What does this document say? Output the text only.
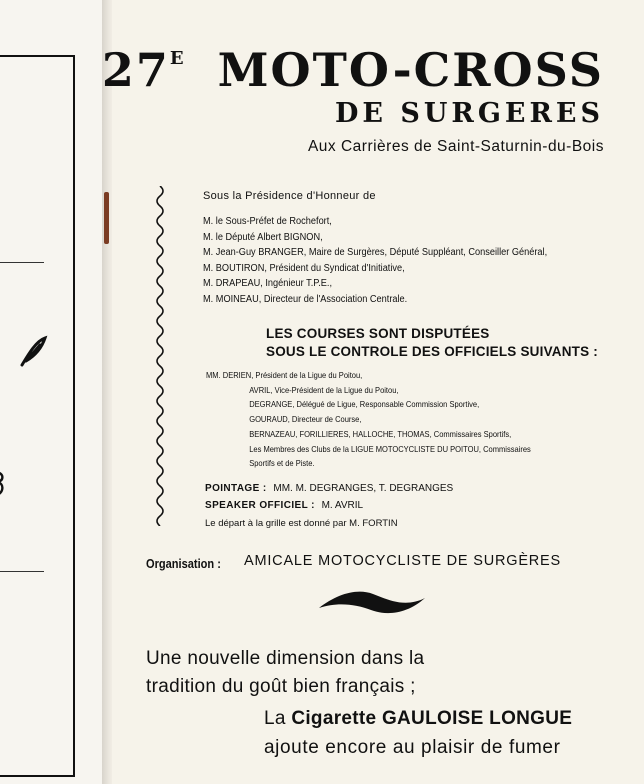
$27^E$ MOTO-CROSS
DE SURGERES
Aux Carrières de Saint-Saturnin-du-Bois
Sous la Présidence d'Honneur de
M. le Sous-Préfet de Rochefort,
M. le Député Albert BIGNON,
M. Jean-Guy BRANGER, Maire de Surgères, Député Suppléant, Conseiller Général,
M. BOUTIRON, Président du Syndicat d'Initiative,
M. DRAPEAU, Ingénieur T.P.E.,
M. MOINEAU, Directeur de l'Association Centrale.
LES COURSES SONT DISPUTÉES
SOUS LE CONTROLE DES OFFICIELS SUIVANTS :
MM. DERIEN, Président de la Ligue du Poitou,
AVRIL, Vice-Président de la Ligue du Poitou,
DEGRANGE, Délégué de Ligue, Responsable Commission Sportive,
GOURAUD, Directeur de Course,
BERNAZEAU, FORILLIERES, HALLOCHE, THOMAS, Commissaires Sportifs,
Les Membres des Clubs de la LIGUE MOTOCYCLISTE DU POITOU, Commissaires
Sportifs et de Piste.
POINTAGE : MM. M. DEGRANGES, T. DEGRANGES
SPEAKER OFFICIEL : M. AVRIL
Le départ à la grille est donné par M. FORTIN
Organisation : AMICALE MOTOCYCLISTE DE SURGÈRES
Une nouvelle dimension dans la
tradition du goût bien français ;
La Cigarette GAULOISE LONGUE
ajoute encore au plaisir de fumer
